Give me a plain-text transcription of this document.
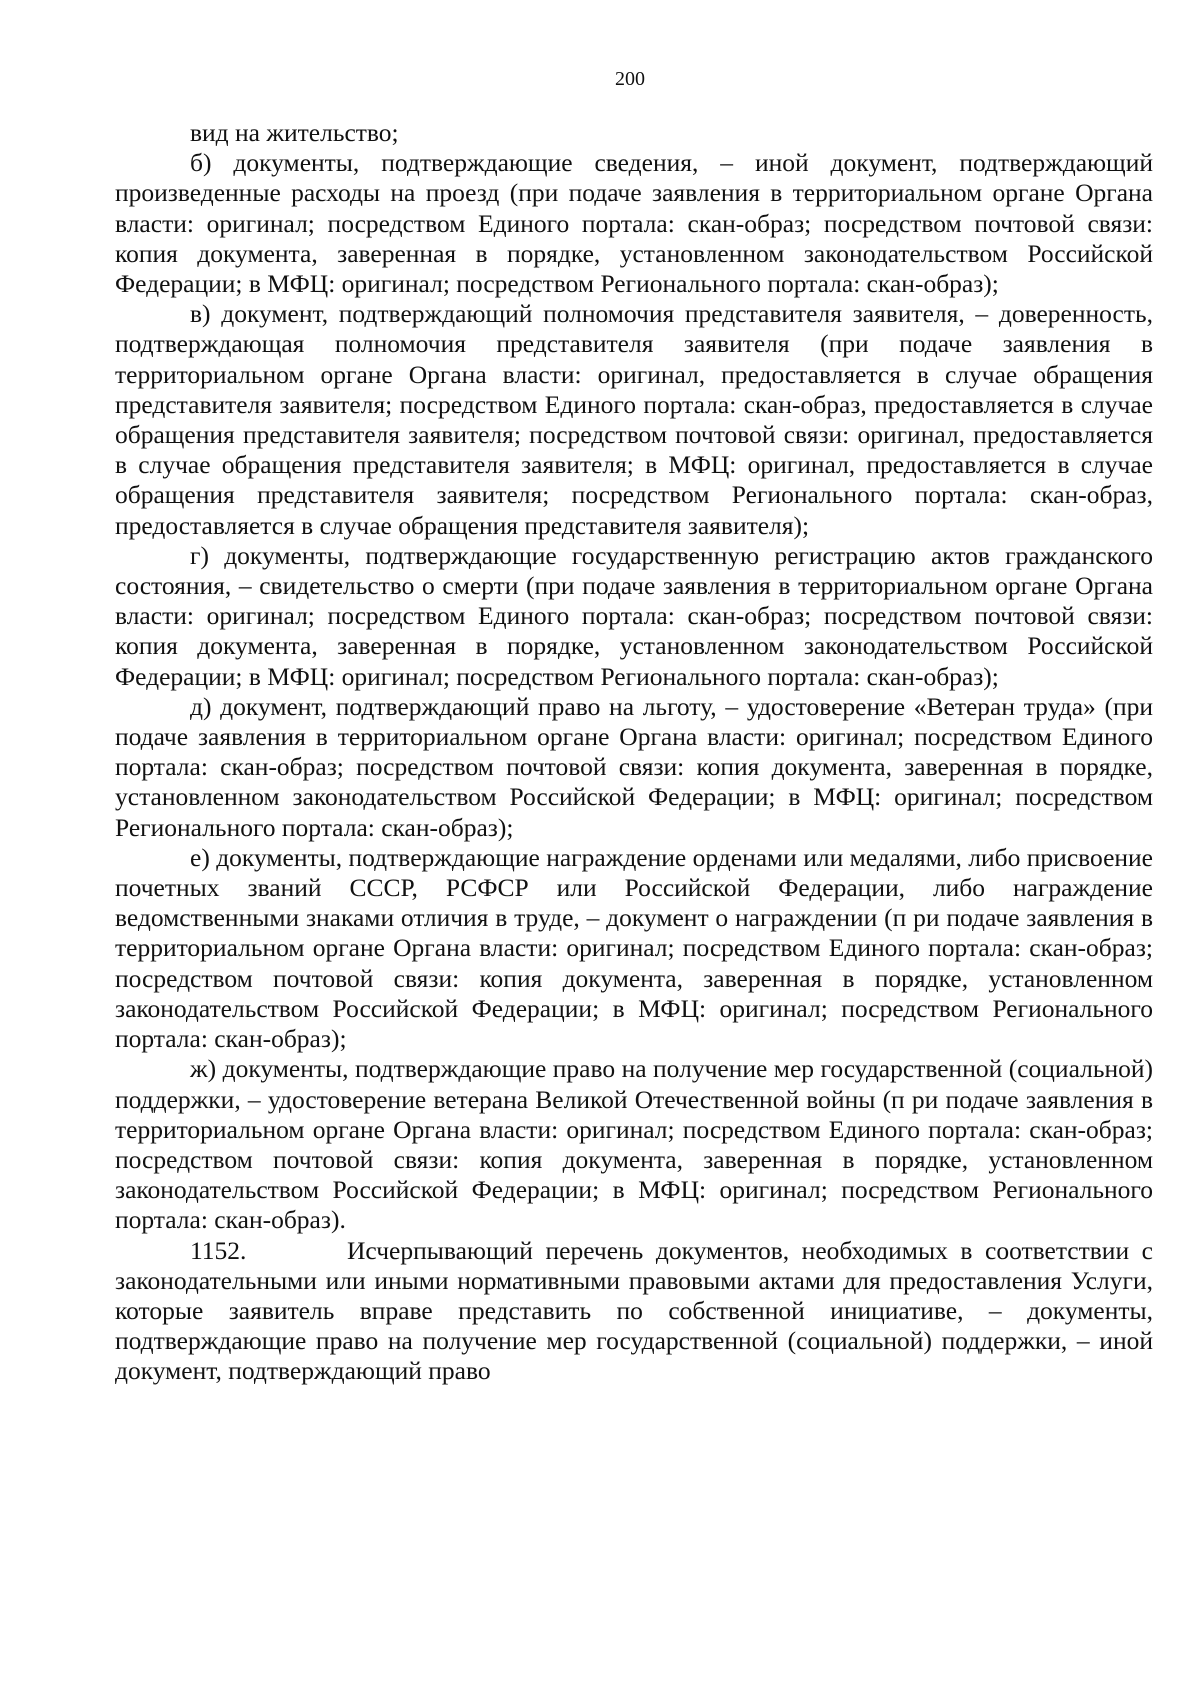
200

вид на жительство;

б) документы, подтверждающие сведения, – иной документ, подтверждающий произведенные расходы на проезд (при подаче заявления в территориальном органе Органа власти: оригинал; посредством Единого портала: скан-образ; посредством почтовой связи: копия документа, заверенная в порядке, установленном законодательством Российской Федерации; в МФЦ: оригинал; посредством Регионального портала: скан-образ);

в) документ, подтверждающий полномочия представителя заявителя, – доверенность, подтверждающая полномочия представителя заявителя (при подаче заявления в территориальном органе Органа власти: оригинал, предоставляется в случае обращения представителя заявителя; посредством Единого портала: скан-образ, предоставляется в случае обращения представителя заявителя; посредством почтовой связи: оригинал, предоставляется в случае обращения представителя заявителя; в МФЦ: оригинал, предоставляется в случае обращения представителя заявителя; посредством Регионального портала: скан-образ, предоставляется в случае обращения представителя заявителя);

г) документы, подтверждающие государственную регистрацию актов гражданского состояния, – свидетельство о смерти (при подаче заявления в территориальном органе Органа власти: оригинал; посредством Единого портала: скан-образ; посредством почтовой связи: копия документа, заверенная в порядке, установленном законодательством Российской Федерации; в МФЦ: оригинал; посредством Регионального портала: скан-образ);

д) документ, подтверждающий право на льготу, – удостоверение «Ветеран труда» (при подаче заявления в территориальном органе Органа власти: оригинал; посредством Единого портала: скан-образ; посредством почтовой связи: копия документа, заверенная в порядке, установленном законодательством Российской Федерации; в МФЦ: оригинал; посредством Регионального портала: скан-образ);

е) документы, подтверждающие награждение орденами или медалями, либо присвоение почетных званий СССР, РСФСР или Российской Федерации, либо награждение ведомственными знаками отличия в труде, – документ о награждении (п ри подаче заявления в территориальном органе Органа власти: оригинал; посредством Единого портала: скан-образ; посредством почтовой связи: копия документа, заверенная в порядке, установленном законодательством Российской Федерации; в МФЦ: оригинал; посредством Регионального портала: скан-образ);

ж) документы, подтверждающие право на получение мер государственной (социальной) поддержки, – удостоверение ветерана Великой Отечественной войны (п ри подаче заявления в территориальном органе Органа власти: оригинал; посредством Единого портала: скан-образ; посредством почтовой связи: копия документа, заверенная в порядке, установленном законодательством Российской Федерации; в МФЦ: оригинал; посредством Регионального портала: скан-образ).

1152.        Исчерпывающий перечень документов, необходимых в соответствии с законодательными или иными нормативными правовыми актами для предоставления Услуги, которые заявитель вправе представить по собственной инициативе, – документы, подтверждающие право на получение мер государственной (социальной) поддержки, – иной документ, подтверждающий право
